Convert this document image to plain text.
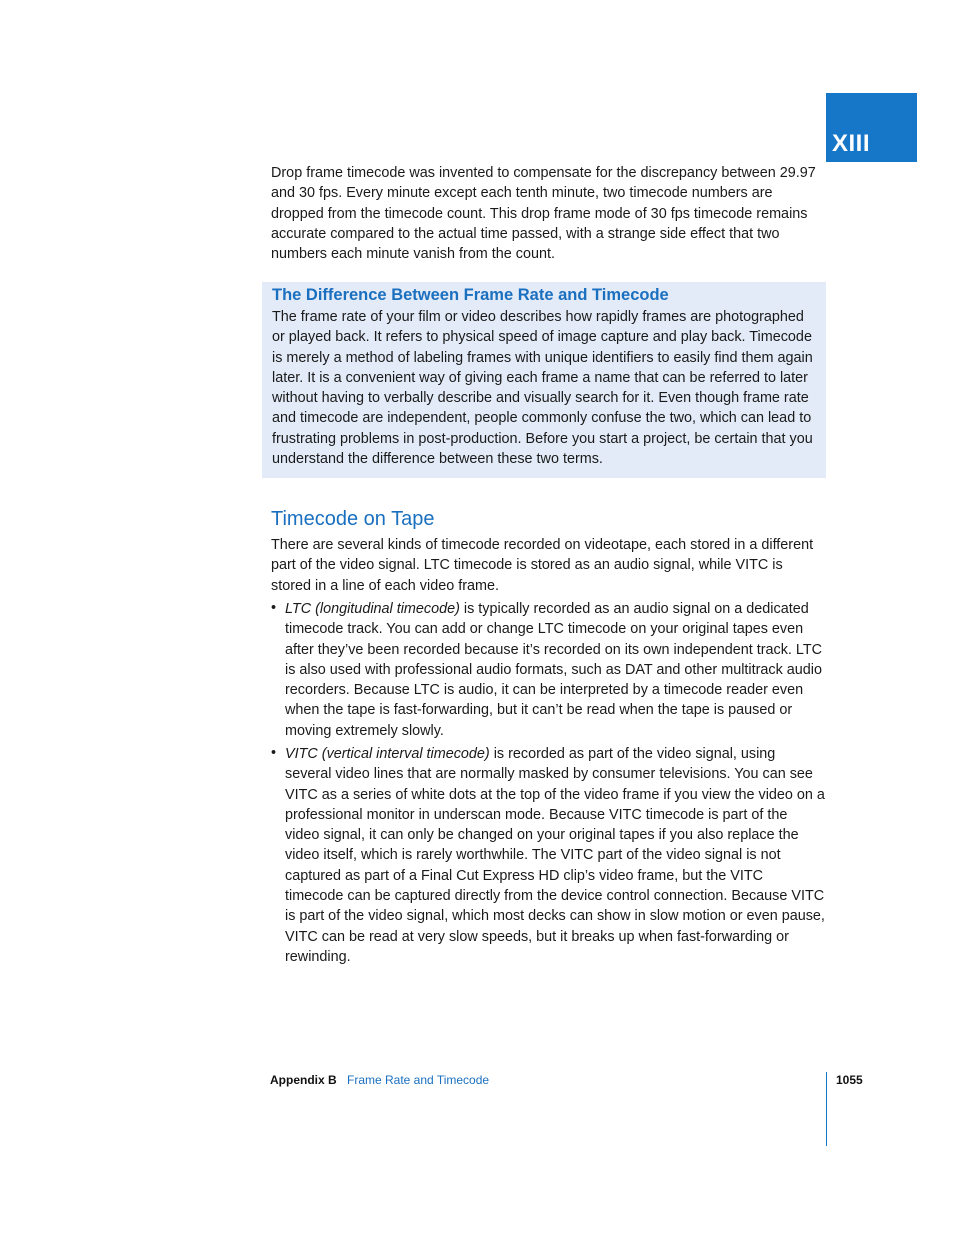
XIII

Drop frame timecode was invented to compensate for the discrepancy between 29.97 and 30 fps. Every minute except each tenth minute, two timecode numbers are dropped from the timecode count. This drop frame mode of 30 fps timecode remains accurate compared to the actual time passed, with a strange side effect that two numbers each minute vanish from the count.

The Difference Between Frame Rate and Timecode

The frame rate of your film or video describes how rapidly frames are photographed or played back. It refers to physical speed of image capture and play back. Timecode is merely a method of labeling frames with unique identifiers to easily find them again later. It is a convenient way of giving each frame a name that can be referred to later without having to verbally describe and visually search for it. Even though frame rate and timecode are independent, people commonly confuse the two, which can lead to frustrating problems in post-production. Before you start a project, be certain that you understand the difference between these two terms.

Timecode on Tape

There are several kinds of timecode recorded on videotape, each stored in a different part of the video signal. LTC timecode is stored as an audio signal, while VITC is stored in a line of each video frame.

• LTC (longitudinal timecode) is typically recorded as an audio signal on a dedicated timecode track. You can add or change LTC timecode on your original tapes even after they’ve been recorded because it’s recorded on its own independent track. LTC is also used with professional audio formats, such as DAT and other multitrack audio recorders. Because LTC is audio, it can be interpreted by a timecode reader even when the tape is fast-forwarding, but it can’t be read when the tape is paused or moving extremely slowly.

• VITC (vertical interval timecode) is recorded as part of the video signal, using several video lines that are normally masked by consumer televisions. You can see VITC as a series of white dots at the top of the video frame if you view the video on a professional monitor in underscan mode. Because VITC timecode is part of the video signal, it can only be changed on your original tapes if you also replace the video itself, which is rarely worthwhile. The VITC part of the video signal is not captured as part of a Final Cut Express HD clip’s video frame, but the VITC timecode can be captured directly from the device control connection. Because VITC is part of the video signal, which most decks can show in slow motion or even pause, VITC can be read at very slow speeds, but it breaks up when fast-forwarding or rewinding.

Appendix B Frame Rate and Timecode	1055
